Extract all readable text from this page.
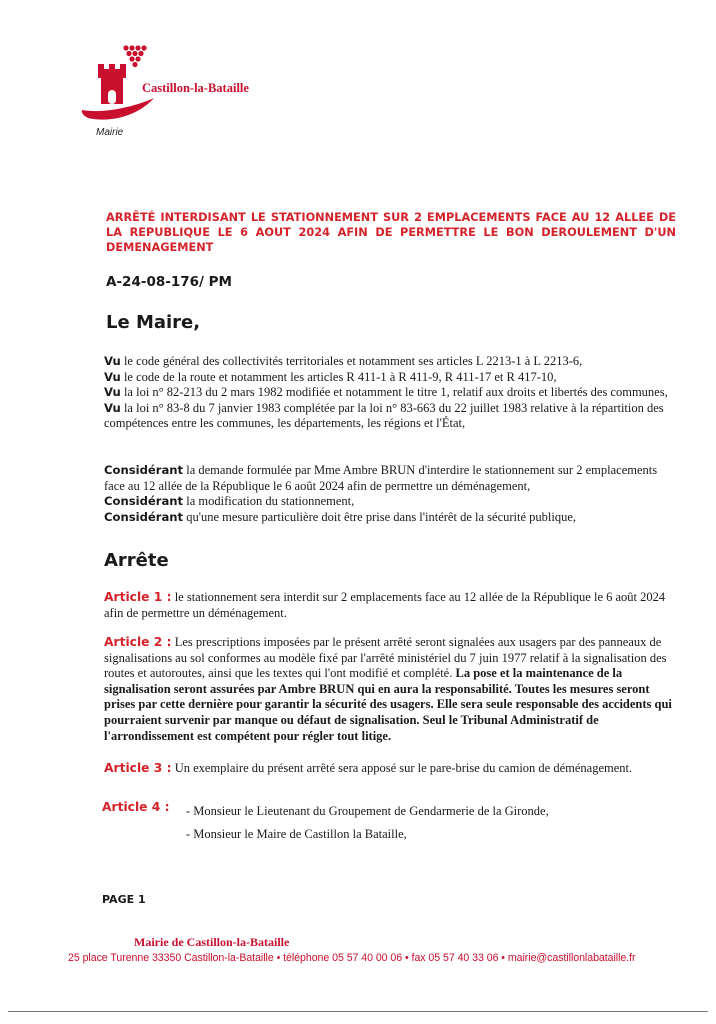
Castillon-la-Bataille
Mairie
ARRÊTÉ INTERDISANT LE STATIONNEMENT SUR 2 EMPLACEMENTS FACE AU 12 ALLEE DE LA REPUBLIQUE LE 6 AOUT 2024 AFIN DE PERMETTRE LE BON DEROULEMENT D'UN DEMENAGEMENT
A-24-08-176/ PM
Le Maire,

Vu le code général des collectivités territoriales et notamment ses articles L 2213-1 à L 2213-6,

Vu le code de la route et notamment les articles R 411-1 à R 411-9, R 411-17 et R 417-10,

Vu la loi n° 82-213 du 2 mars 1982 modifiée et notamment le titre 1, relatif aux droits et libertés des communes,

Vu la loi n° 83-8 du 7 janvier 1983 complétée par la loi n° 83-663 du 22 juillet 1983 relative à la répartition des compétences entre les communes, les départements, les régions et l'État,

Considérant la demande formulée par Mme Ambre BRUN d'interdire le stationnement sur 2 emplacements face au 12 allée de la République le 6 août 2024 afin de permettre un déménagement,

Considérant la modification du stationnement,

Considérant qu'une mesure particulière doit être prise dans l'intérêt de la sécurité publique,

Arrête

Article 1 : le stationnement sera interdit sur 2 emplacements face au 12 allée de la République le 6 août 2024 afin de permettre un déménagement.

Article 2 : Les prescriptions imposées par le présent arrêté seront signalées aux usagers par des panneaux de signalisations au sol conformes au modèle fixé par l'arrêté ministériel du 7 juin 1977 relatif à la signalisation des routes et autoroutes, ainsi que les textes qui l'ont modifié et complété. La pose et la maintenance de la signalisation seront assurées par Ambre BRUN qui en aura la responsabilité. Toutes les mesures seront prises par cette dernière pour garantir la sécurité des usagers. Elle sera seule responsable des accidents qui pourraient survenir par manque ou défaut de signalisation. Seul le Tribunal Administratif de l'arrondissement est compétent pour régler tout litige.

Article 3 : Un exemplaire du présent arrêté sera apposé sur le pare-brise du camion de déménagement.

Article 4 : - Monsieur le Lieutenant du Groupement de Gendarmerie de la Gironde,
- Monsieur le Maire de Castillon la Bataille,
PAGE 1
Mairie de Castillon-la-Bataille
25 place Turenne 33350 Castillon-la-Bataille • téléphone 05 57 40 00 06 • fax 05 57 40 33 06 • mairie@castillonlabataille.fr
